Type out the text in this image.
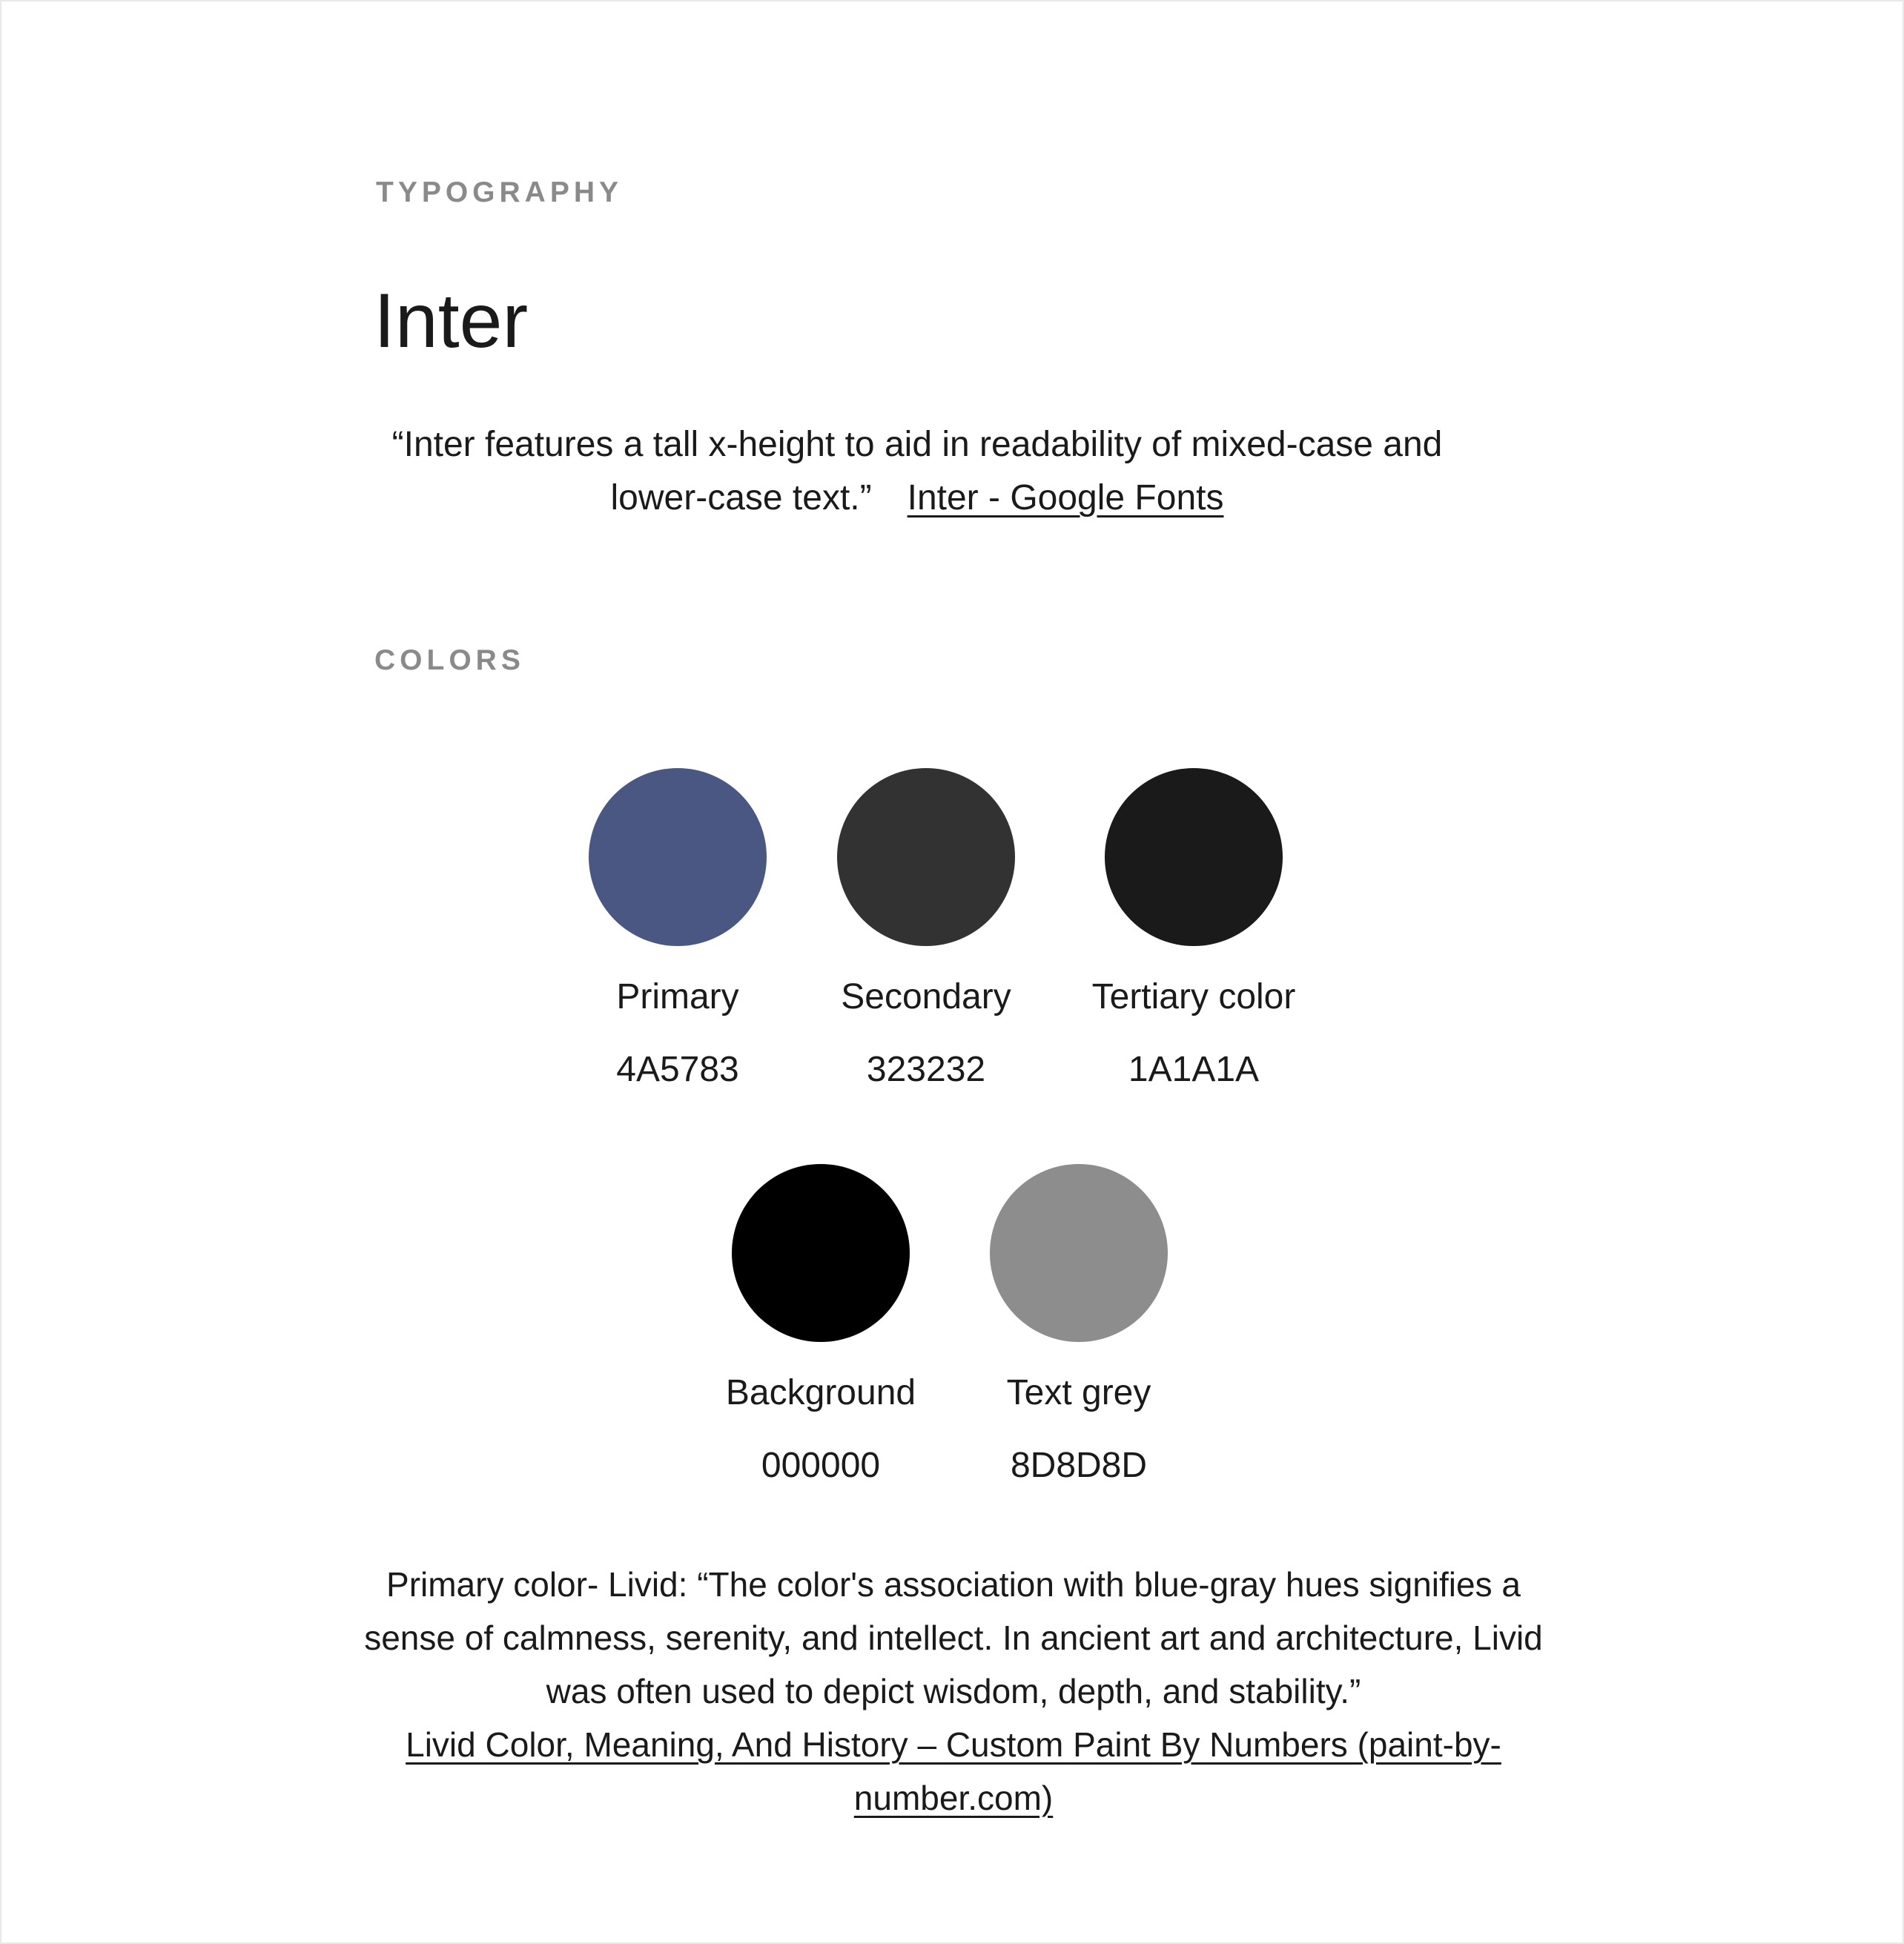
TYPOGRAPHY
Inter
“Inter features a tall x-height to aid in readability of mixed-case and lower-case text.” Inter - Google Fonts
COLORS
Primary
4A5783
Secondary
323232
Tertiary color
1A1A1A
Background
000000
Text grey
8D8D8D
Primary color- Livid: “The color's association with blue-gray hues signifies a sense of calmness, serenity, and intellect. In ancient art and architecture, Livid was often used to depict wisdom, depth, and stability.”
Livid Color, Meaning, And History – Custom Paint By Numbers (paint-by-number.com)
